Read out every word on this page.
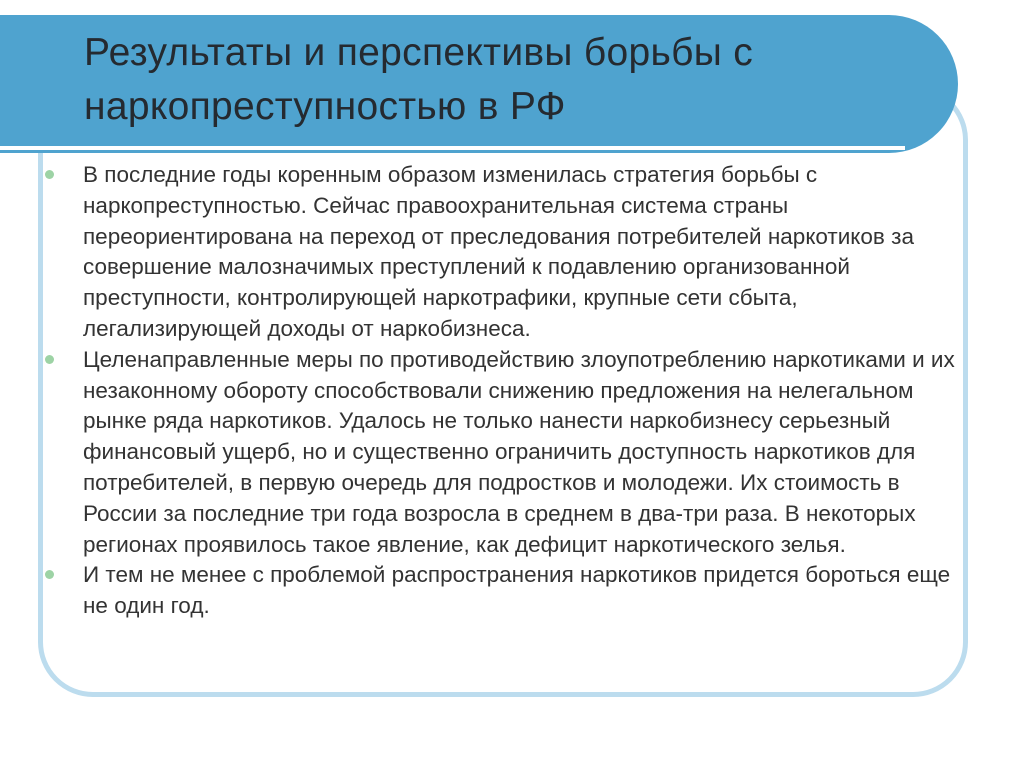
Результаты и перспективы борьбы с наркопреступностью в РФ
В последние годы коренным образом изменилась стратегия борьбы с наркопреступностью. Сейчас правоохранительная система страны переориентирована на переход от преследования потребителей наркотиков за совершение малозначимых преступлений к подавлению организованной преступности, контролирующей наркотрафики, крупные сети сбыта, легализирующей доходы от наркобизнеса.
Целенаправленные меры по противодействию злоупотреблению наркотиками и их незаконному обороту способствовали снижению предложения на нелегальном рынке ряда наркотиков. Удалось не только нанести наркобизнесу серьезный финансовый ущерб, но и существенно ограничить доступность наркотиков для потребителей, в первую очередь для подростков и молодежи. Их стоимость в России за последние три года возросла в среднем в два-три раза. В некоторых регионах проявилось такое явление, как дефицит наркотического зелья.
И тем не менее с проблемой распространения наркотиков придется бороться еще не один год.
